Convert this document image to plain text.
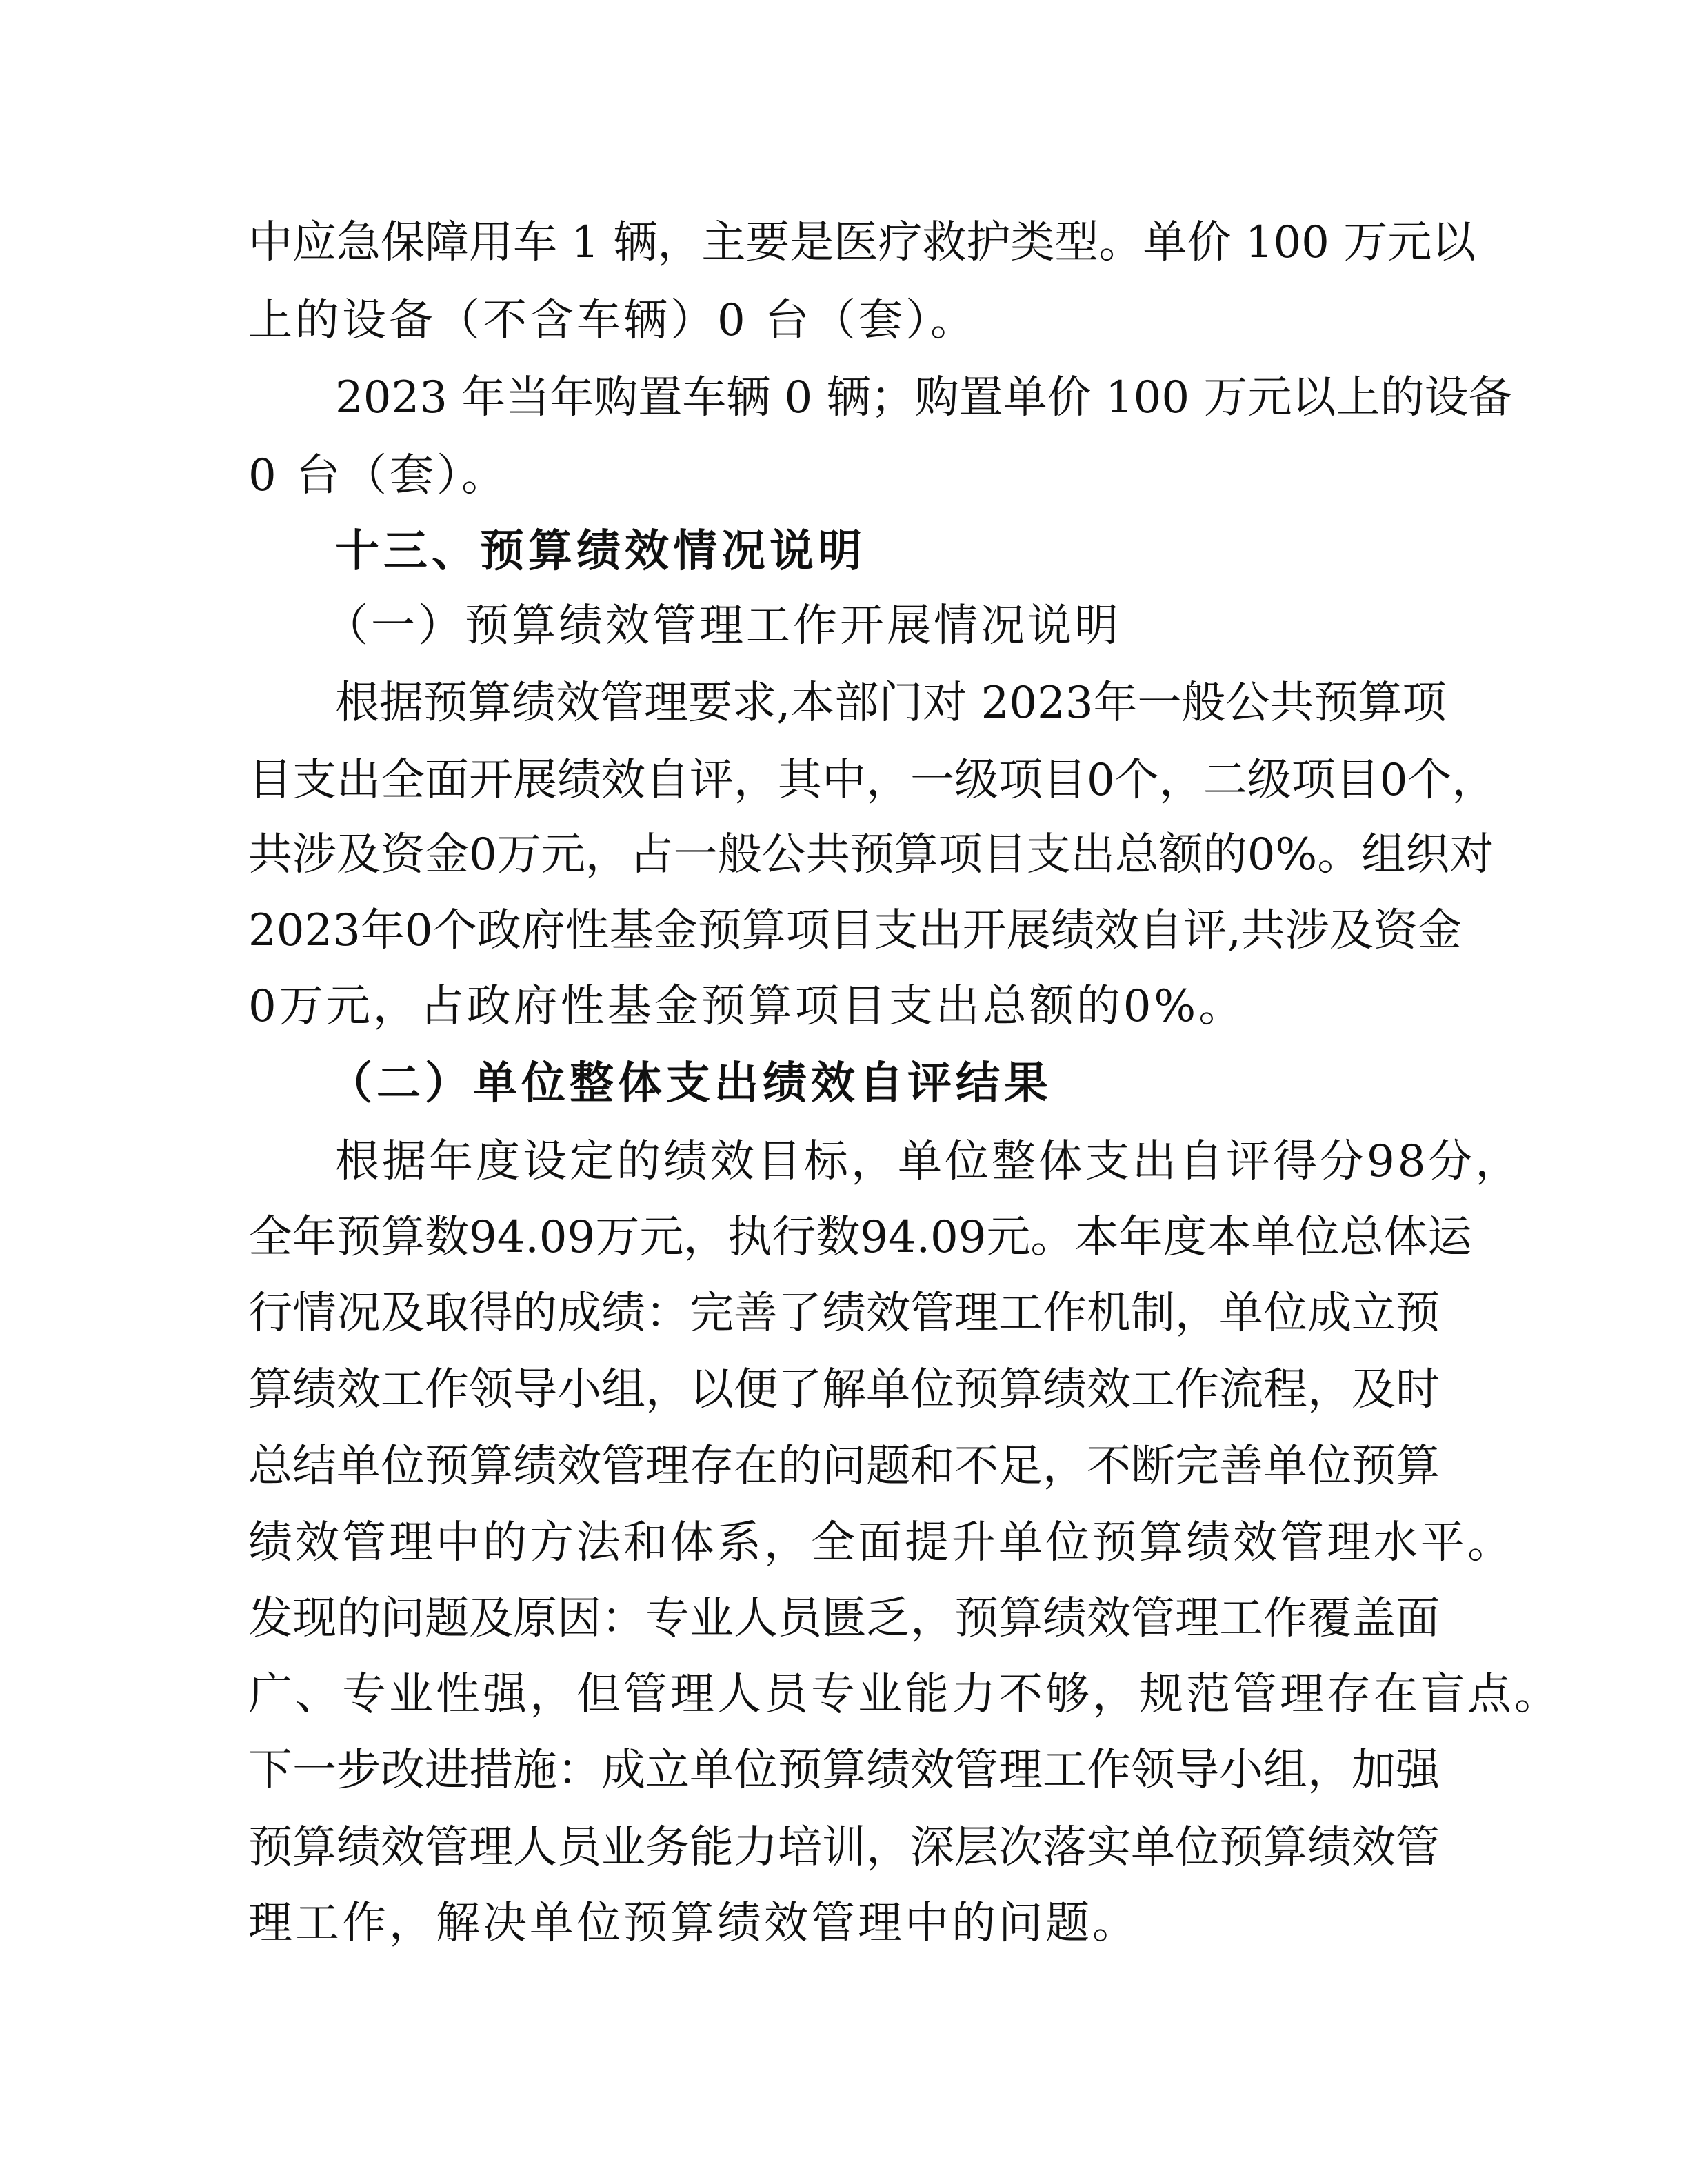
中应急保障用车 1 辆，主要是医疗救护类型。单价 100 万元以
上的设备（不含车辆）0 台（套）。
2023 年当年购置车辆 0 辆；购置单价 100 万元以上的设备
0 台（套）。
十三、预算绩效情况说明
（一）预算绩效管理工作开展情况说明
根据预算绩效管理要求,本部门对 2023年一般公共预算项
目支出全面开展绩效自评，其中，一级项目0个，二级项目0个，
共涉及资金0万元，占一般公共预算项目支出总额的0%。组织对
2023年0个政府性基金预算项目支出开展绩效自评,共涉及资金
0万元，占政府性基金预算项目支出总额的0%。
（二）单位整体支出绩效自评结果
根据年度设定的绩效目标，单位整体支出自评得分98分，
全年预算数94.09万元，执行数94.09元。本年度本单位总体运
行情况及取得的成绩：完善了绩效管理工作机制，单位成立预
算绩效工作领导小组，以便了解单位预算绩效工作流程，及时
总结单位预算绩效管理存在的问题和不足，不断完善单位预算
绩效管理中的方法和体系，全面提升单位预算绩效管理水平。
发现的问题及原因：专业人员匮乏，预算绩效管理工作覆盖面
广、专业性强，但管理人员专业能力不够，规范管理存在盲点。
下一步改进措施：成立单位预算绩效管理工作领导小组，加强
预算绩效管理人员业务能力培训，深层次落实单位预算绩效管
理工作，解决单位预算绩效管理中的问题。
